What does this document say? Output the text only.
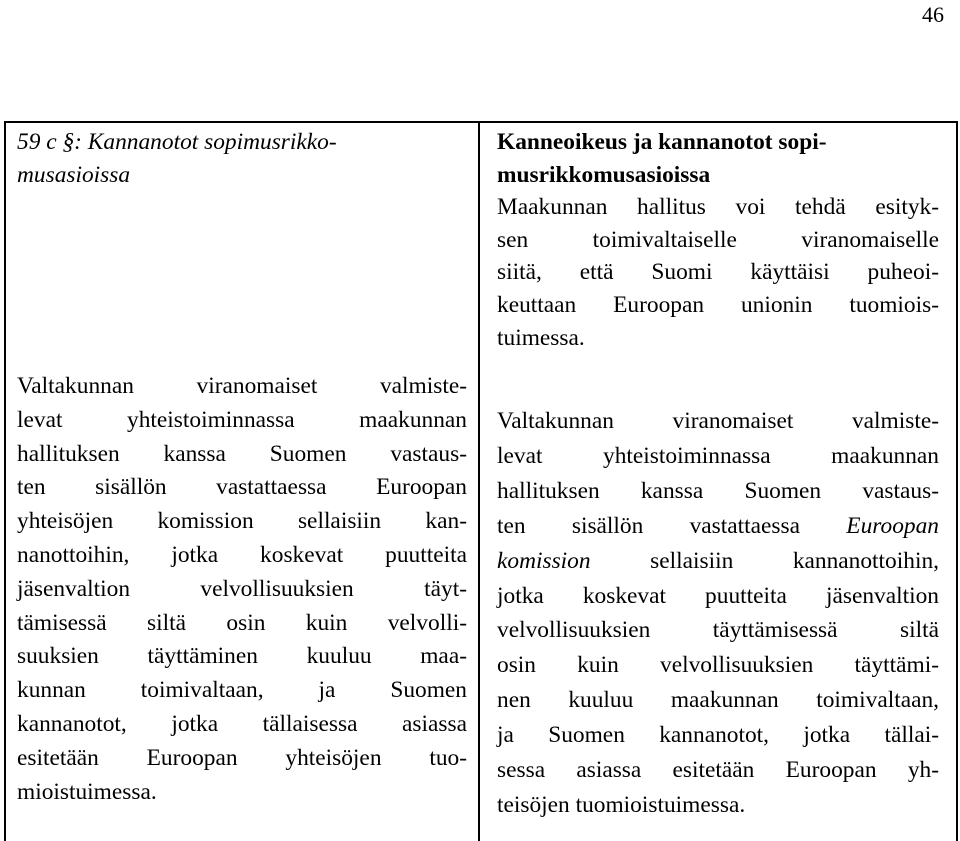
46
59 c §: Kannanotot sopimusrikko-
musasioissa
Valtakunnan viranomaiset valmiste-
levat yhteistoiminnassa maakunnan
hallituksen kanssa Suomen vastaus-
ten sisällön vastattaessa Euroopan
yhteisöjen komission sellaisiin kan-
nanottoihin, jotka koskevat puutteita
jäsenvaltion velvollisuuksien täyt-
tämisessä siltä osin kuin velvolli-
suuksien täyttäminen kuuluu maa-
kunnan toimivaltaan, ja Suomen
kannanotot, jotka tällaisessa asiassa
esitetään Euroopan yhteisöjen tuo-
mioistuimessa.
Kanneoikeus ja kannanotot sopi-
musrikkomusasioissa
Maakunnan hallitus voi tehdä esityk-
sen toimivaltaiselle viranomaiselle
siitä, että Suomi käyttäisi puheoi-
keuttaan Euroopan unionin tuomiois-
tuimessa.
Valtakunnan viranomaiset valmiste-
levat yhteistoiminnassa maakunnan
hallituksen kanssa Suomen vastaus-
ten sisällön vastattaessa Euroopan
komission sellaisiin kannanottoihin,
jotka koskevat puutteita jäsenvaltion
velvollisuuksien täyttämisessä siltä
osin kuin velvollisuuksien täyttämi-
nen kuuluu maakunnan toimivaltaan,
ja Suomen kannanotot, jotka tällai-
sessa asiassa esitetään Euroopan yh-
teisöjen tuomioistuimessa.
